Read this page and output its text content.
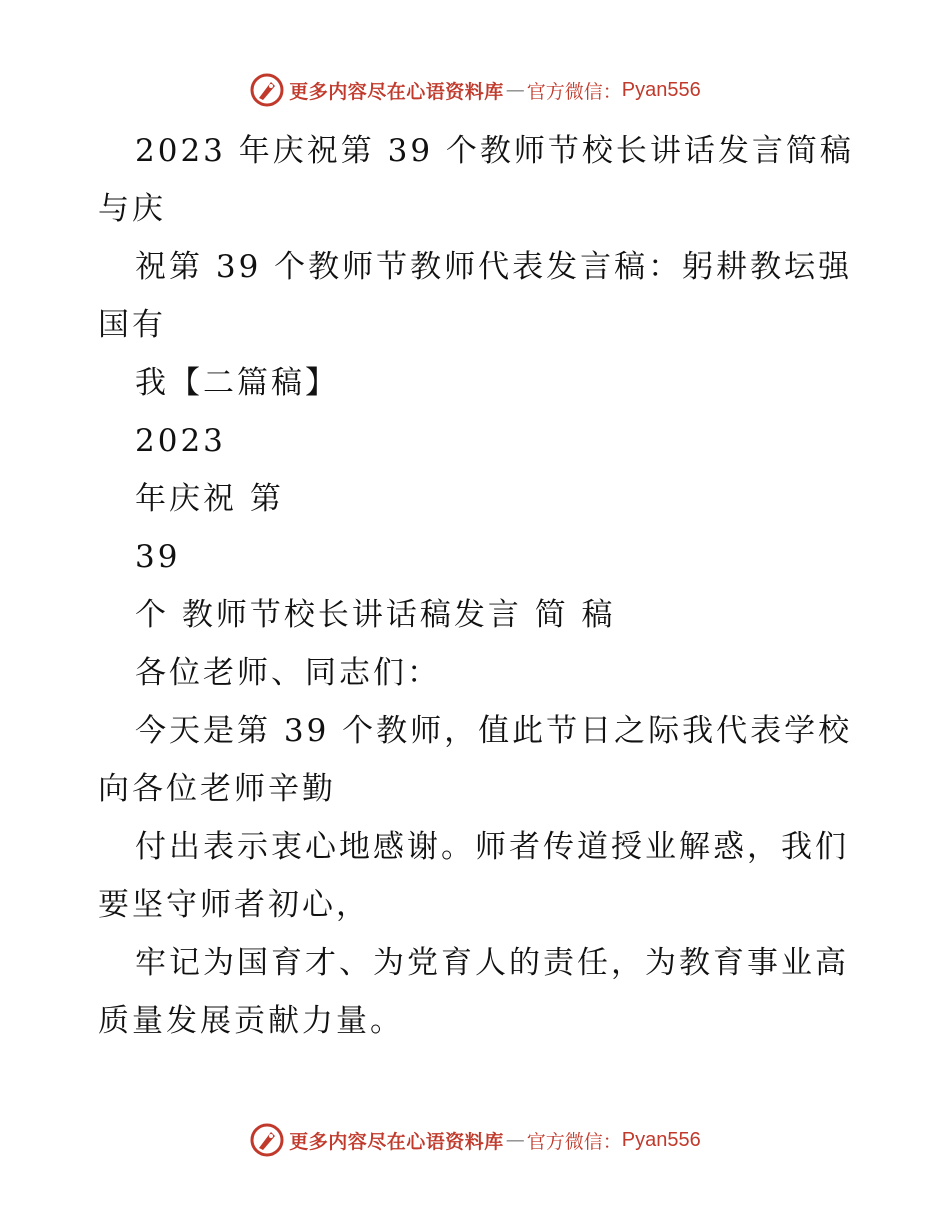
更多内容尽在心语资料库 — 官方微信： Pyan556
2023 年庆祝第 39 个教师节校长讲话发言简稿
与庆
祝第 39 个教师节教师代表发言稿：躬耕教坛强
国有
我【二篇稿】
2023
年庆祝 第
39
个 教师节校长讲话稿发言 简 稿
各位老师、同志们：
今天是第 39 个教师，值此节日之际我代表学校
向各位老师辛勤
付出表示衷心地感谢。师者传道授业解惑，我们
要坚守师者初心，
牢记为国育才、为党育人的责任，为教育事业高
质量发展贡献力量。
更多内容尽在心语资料库 — 官方微信： Pyan556
